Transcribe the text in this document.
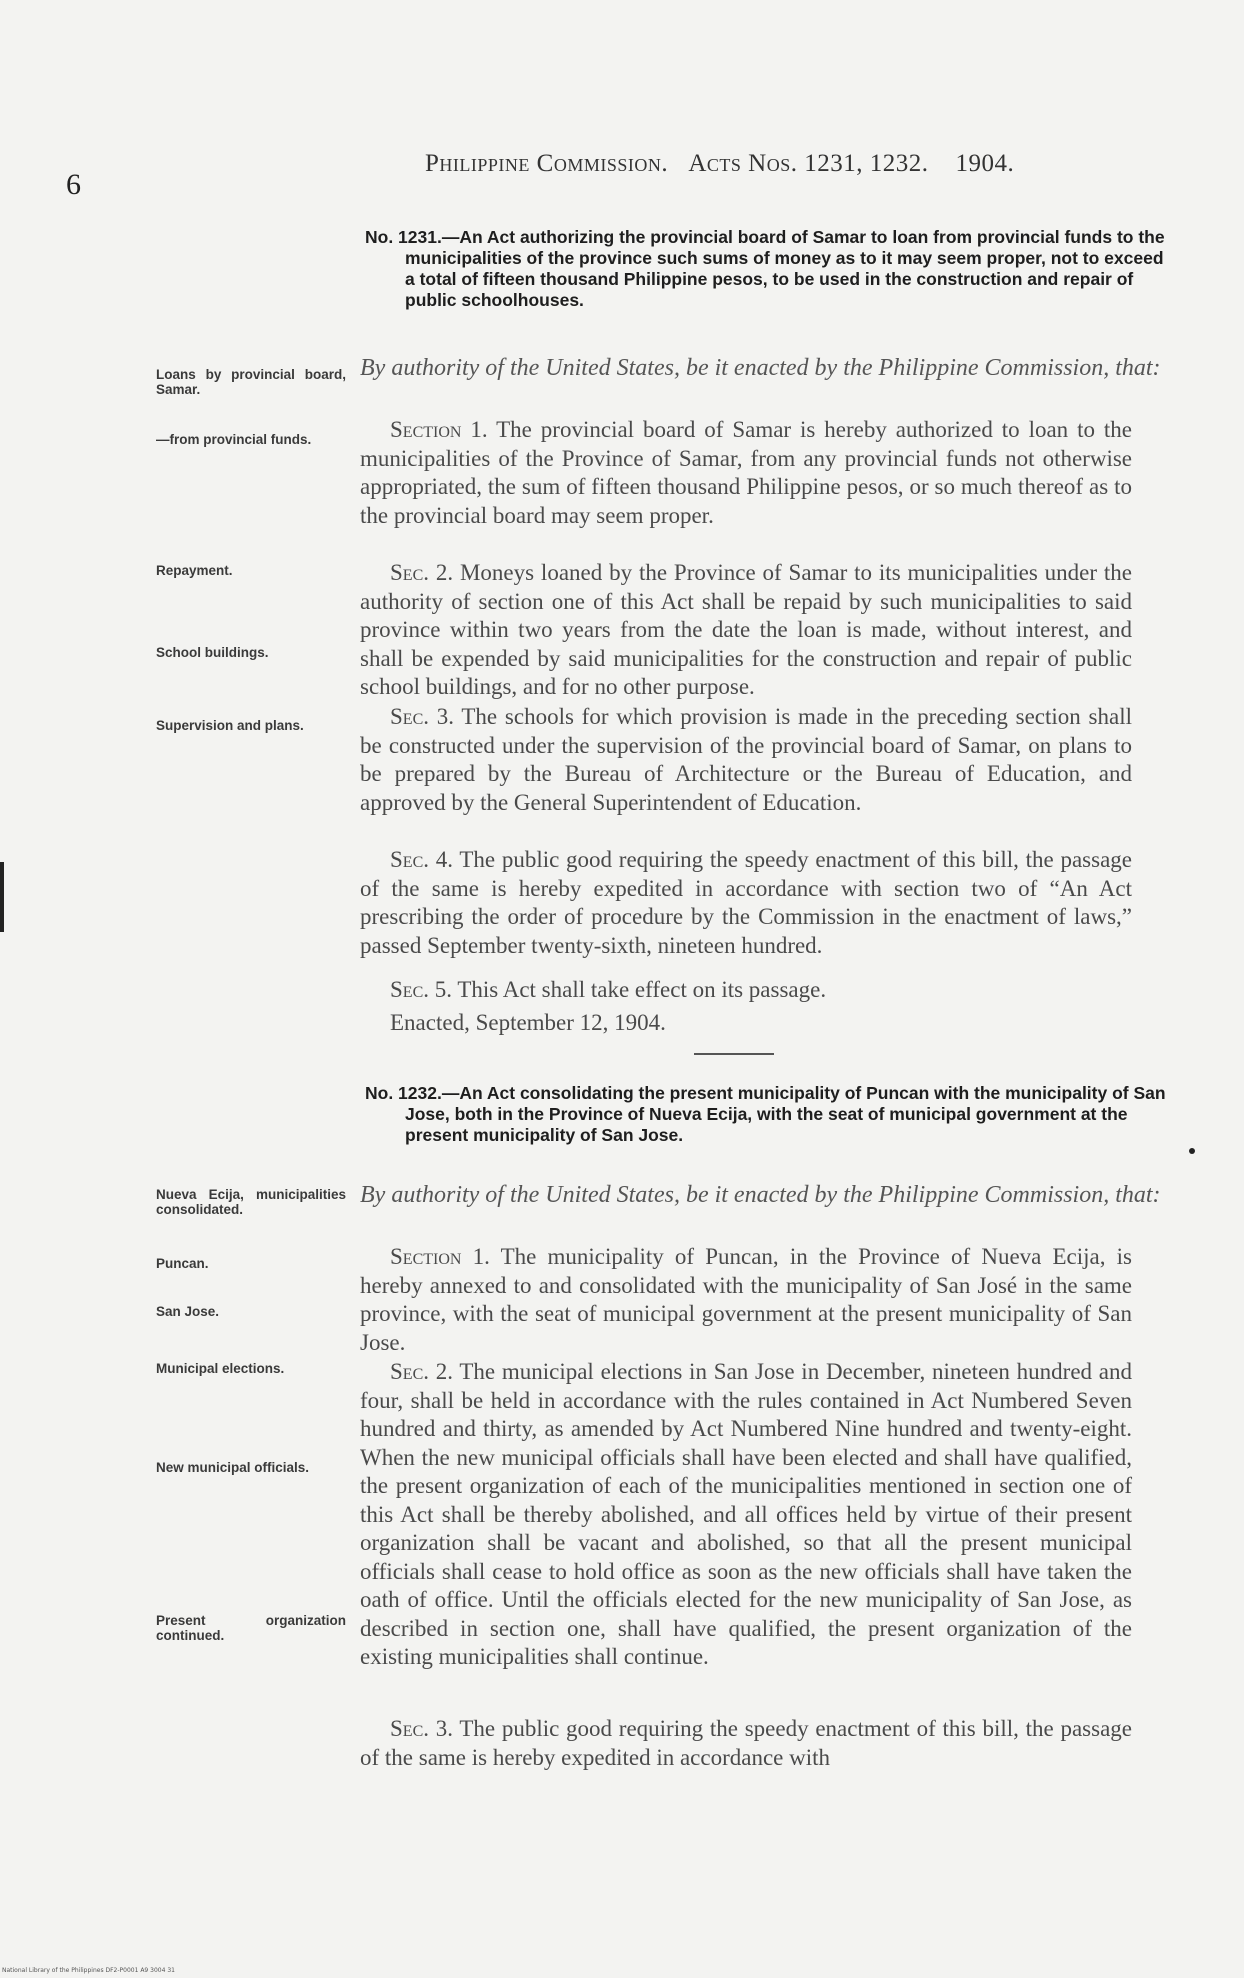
6
Philippine Commission. Acts Nos. 1231, 1232. 1904.
No. 1231.—An Act authorizing the provincial board of Samar to loan from provincial funds to the municipalities of the province such sums of money as to it may seem proper, not to exceed a total of fifteen thousand Philippine pesos, to be used in the construction and repair of public schoolhouses.
Loans by provincial board, Samar.
By authority of the United States, be it enacted by the Philippine Commission, that:
—from provincial funds.
Repayment.
School buildings.
Supervision and plans.
Section 1. The provincial board of Samar is hereby authorized to loan to the municipalities of the Province of Samar, from any provincial funds not otherwise appropriated, the sum of fifteen thousand Philippine pesos, or so much thereof as to the provincial board may seem proper.
Sec. 2. Moneys loaned by the Province of Samar to its municipalities under the authority of section one of this Act shall be repaid by such municipalities to said province within two years from the date the loan is made, without interest, and shall be expended by said municipalities for the construction and repair of public school buildings, and for no other purpose.
Sec. 3. The schools for which provision is made in the preceding section shall be constructed under the supervision of the provincial board of Samar, on plans to be prepared by the Bureau of Architecture or the Bureau of Education, and approved by the General Superintendent of Education.
Sec. 4. The public good requiring the speedy enactment of this bill, the passage of the same is hereby expedited in accordance with section two of “An Act prescribing the order of procedure by the Commission in the enactment of laws,” passed September twenty-sixth, nineteen hundred.
Sec. 5. This Act shall take effect on its passage.
Enacted, September 12, 1904.
No. 1232.—An Act consolidating the present municipality of Puncan with the municipality of San Jose, both in the Province of Nueva Ecija, with the seat of municipal government at the present municipality of San Jose.
Nueva Ecija, municipalities consolidated.
By authority of the United States, be it enacted by the Philippine Commission, that:
Puncan.
San Jose.
Municipal elections.
New municipal officials.
Present organization continued.
Section 1. The municipality of Puncan, in the Province of Nueva Ecija, is hereby annexed to and consolidated with the municipality of San José in the same province, with the seat of municipal government at the present municipality of San Jose.
Sec. 2. The municipal elections in San Jose in December, nineteen hundred and four, shall be held in accordance with the rules contained in Act Numbered Seven hundred and thirty, as amended by Act Numbered Nine hundred and twenty-eight. When the new municipal officials shall have been elected and shall have qualified, the present organization of each of the municipalities mentioned in section one of this Act shall be thereby abolished, and all offices held by virtue of their present organization shall be vacant and abolished, so that all the present municipal officials shall cease to hold office as soon as the new officials shall have taken the oath of office. Until the officials elected for the new municipality of San Jose, as described in section one, shall have qualified, the present organization of the existing municipalities shall continue.
Sec. 3. The public good requiring the speedy enactment of this bill, the passage of the same is hereby expedited in accordance with
National Library of the Philippines DF2-P0001 A9 3004 31
